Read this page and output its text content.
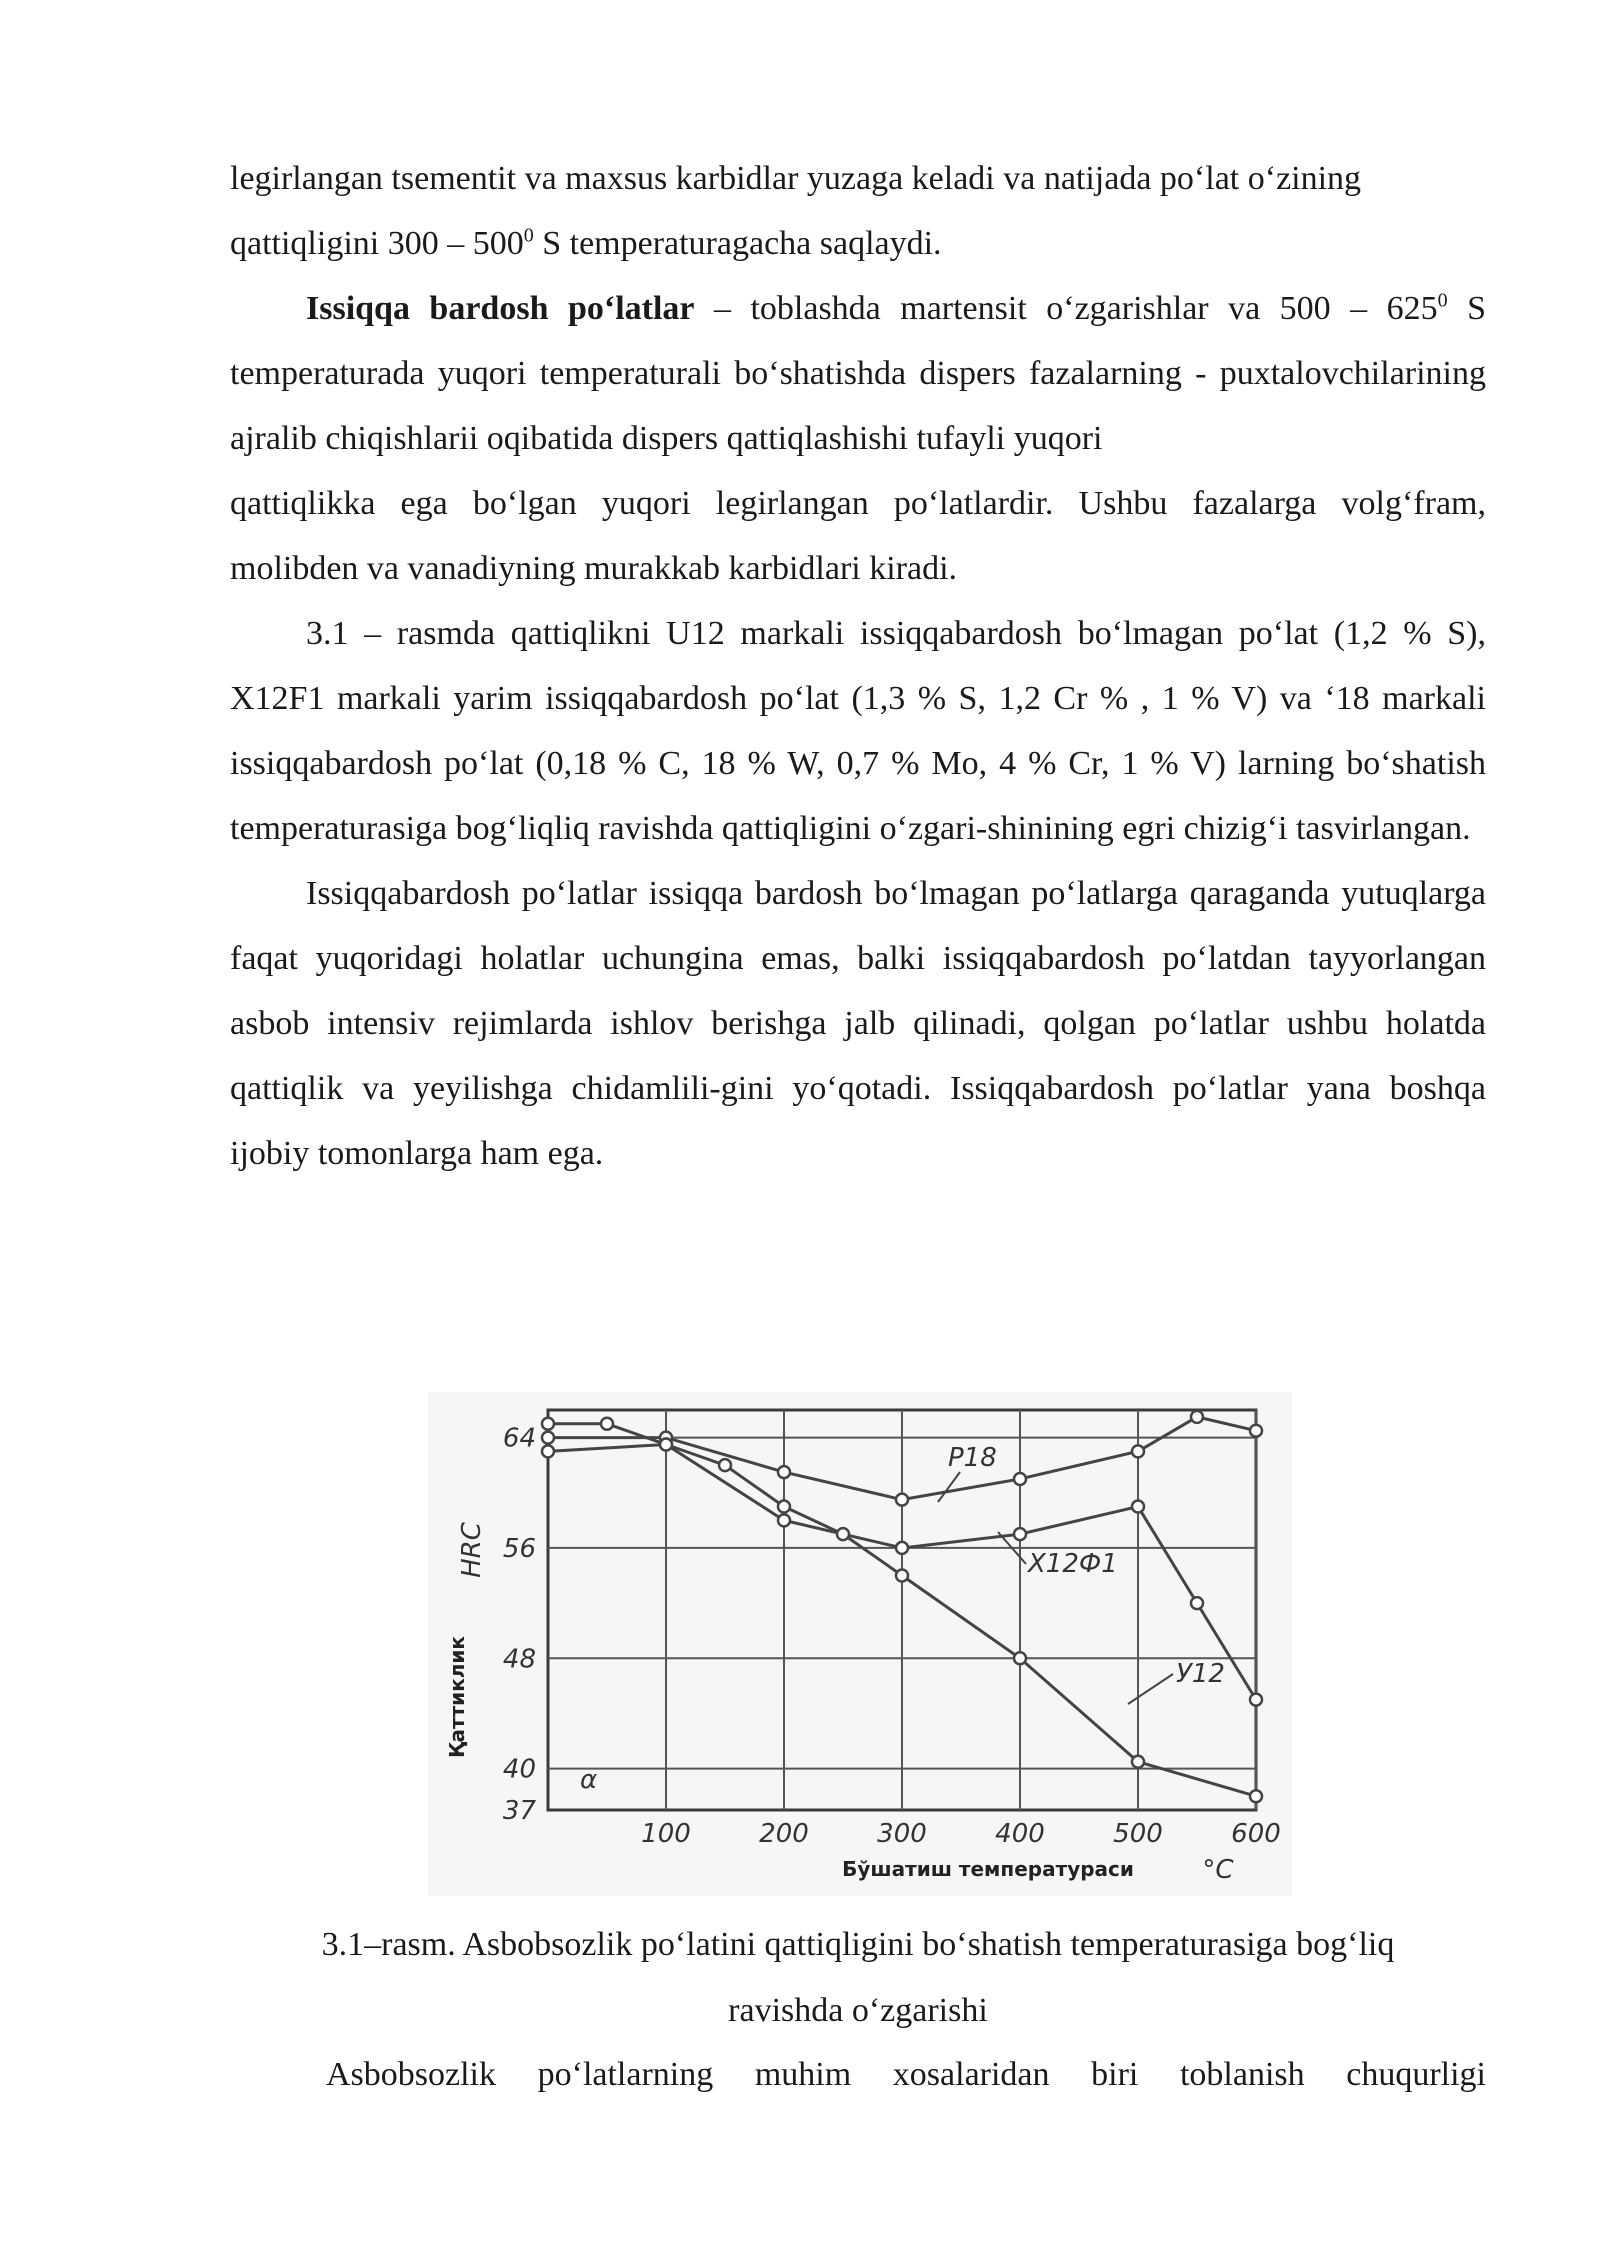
legirlangan tsementit va maxsus karbidlar yuzaga keladi va natijada po‘lat o‘zining
qattiqligini $300 - 500^0$ S temperaturagacha saqlaydi.

Issiqqa bardosh po‘latlar – toblashda martensit o‘zgarishlar va $500 - 625^0$ S temperaturada yuqori temperaturali bo‘shatishda dispers fazalarning - puxtalovchilarining ajralib chiqishlarii oqibatida dispers qattiqlashishi tufayli yuqori

qattiqlikka ega bo‘lgan yuqori legirlangan po‘latlardir. Ushbu fazalarga volg‘fram, molibden va vanadiyning murakkab karbidlari kiradi.

3.1 – rasmda qattiqlikni U12 markali issiqqabardosh bo‘lmagan po‘lat (1,2 % S), X12F1 markali yarim issiqqabardosh po‘lat (1,3 % S, 1,2 Cr % , 1 % V) va ‘18 markali issiqqabardosh po‘lat (0,18 % C, 18 % W, 0,7 % Mo, 4 % Cr, 1 % V) larning bo‘shatish temperaturasiga bog‘liqliq ravishda qattiqligini o‘zgari-shinining egri chizig‘i tasvirlangan.

Issiqqabardosh po‘latlar issiqqa bardosh bo‘lmagan po‘latlarga qaraganda yutuqlarga faqat yuqoridagi holatlar uchungina emas, balki issiqqabardosh po‘latdan tayyorlangan asbob intensiv rejimlarda ishlov berishga jalb qilinadi, qolgan po‘latlar ushbu holatda qattiqlik va yeyilishga chidamlili-gini yo‘qotadi. Issiqqabardosh po‘latlar yana boshqa ijobiy tomonlarga ham ega.

100	200	300	400	500	600
64
56
48
40
37
P18
X12Ф1
У12
α
HRC
Қаттиклик
Бўшатиш температураси	°C
3.1–rasm. Asbobsozlik po‘latini qattiqligini bo‘shatish temperaturasiga bog‘liq
ravishda o‘zgarishi

Asbobsozlik po‘latlarning muhim xosalaridan biri toblanish chuqurligi
